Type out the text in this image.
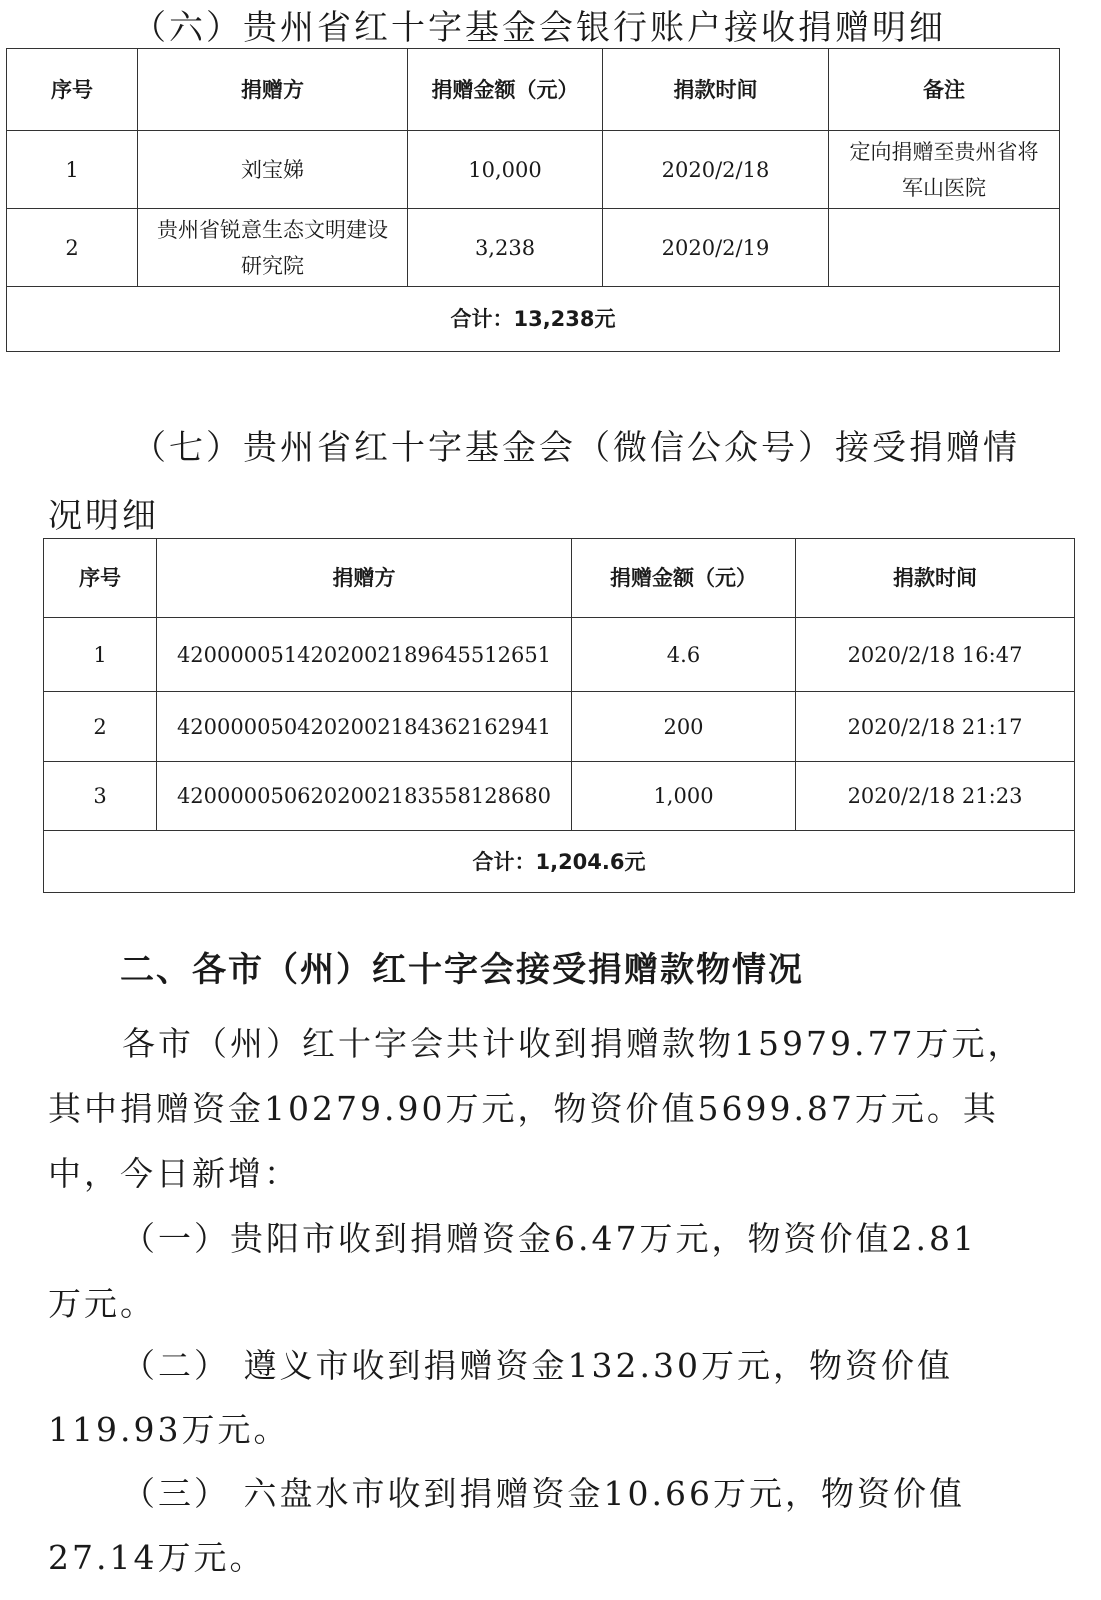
（六）贵州省红十字基金会银行账户接收捐赠明细
序号	捐赠方	捐赠金额（元）	捐款时间	备注
1	刘宝娣	10,000	2020/2/18	定向捐赠至贵州省将
军山医院

2	贵州省锐意生态文明建设
研究院	3,238	2020/2/19	
合计：13,238元				
（七）贵州省红十字基金会（微信公众号）接受捐赠情
况明细
序号	捐赠方	捐赠金额（元）	捐款时间
1	4200000514202002189645512651	4.6	2020/2/18 16:47
2	4200000504202002184362162941	200	2020/2/18 21:17
3	4200000506202002183558128680	1,000	2020/2/18 21:23
合计：1,204.6元			
二、各市（州）红十字会接受捐赠款物情况
各市（州）红十字会共计收到捐赠款物15979.77万元，
其中捐赠资金10279.90万元，物资价值5699.87万元。其
中，今日新增：
（一）贵阳市收到捐赠资金6.47万元，物资价值2.81
万元。
（二） 遵义市收到捐赠资金132.30万元，物资价值
119.93万元。
（三） 六盘水市收到捐赠资金10.66万元，物资价值
27.14万元。
